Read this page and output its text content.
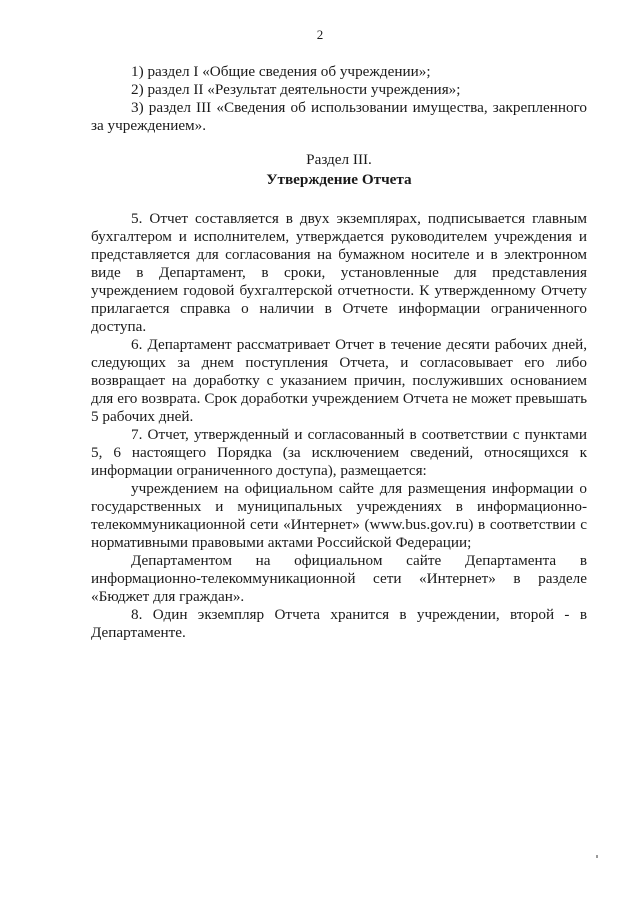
2

1) раздел I «Общие сведения об учреждении»;

2) раздел II «Результат деятельности учреждения»;

3) раздел III «Сведения об использовании имущества, закрепленного за учреждением».

Раздел III.
Утверждение Отчета

5. Отчет составляется в двух экземплярах, подписывается главным бухгалтером и исполнителем, утверждается руководителем учреждения и представляется для согласования на бумажном носителе и в электронном виде в Департамент, в сроки, установленные для представления учреждением годовой бухгалтерской отчетности. К утвержденному Отчету прилагается справка о наличии в Отчете информации ограниченного доступа.

6. Департамент рассматривает Отчет в течение десяти рабочих дней, следующих за днем поступления Отчета, и согласовывает его либо возвращает на доработку с указанием причин, послуживших основанием для его возврата. Срок доработки учреждением Отчета не может превышать 5 рабочих дней.

7. Отчет, утвержденный и согласованный в соответствии с пунктами 5, 6 настоящего Порядка (за исключением сведений, относящихся к информации ограниченного доступа), размещается:

учреждением на официальном сайте для размещения информации о государственных и муниципальных учреждениях в информационно-телекоммуникационной сети «Интернет» (www.bus.gov.ru) в соответствии с нормативными правовыми актами Российской Федерации;

Департаментом на официальном сайте Департамента в информационно-телекоммуникационной сети «Интернет» в разделе «Бюджет для граждан».

8. Один экземпляр Отчета хранится в учреждении, второй - в Департаменте.
